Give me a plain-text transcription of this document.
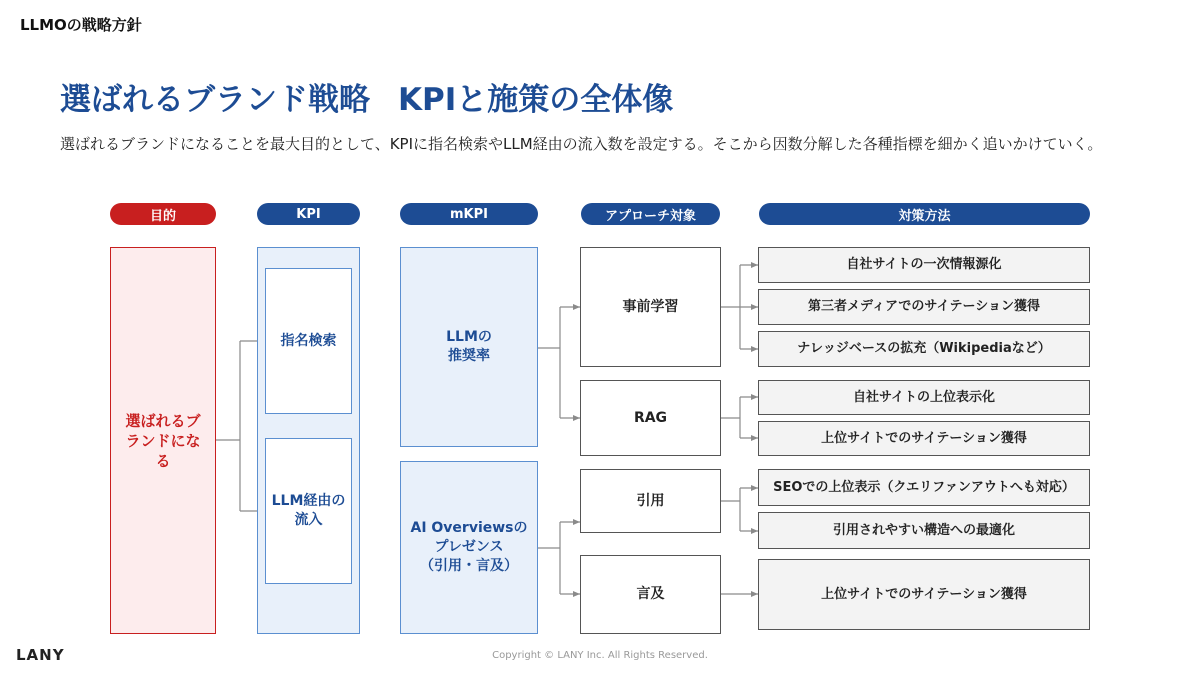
LLMOの戦略方針
選ばれるブランド戦略 KPIと施策の全体像
選ばれるブランドになることを最大目的として、KPIに指名検索やLLM経由の流入数を設定する。そこから因数分解した各種指標を細かく追いかけていく。
目的	KPI	mKPI	アプローチ対象	対策方法
選ばれるブ
ランドにな
る
指名検索
LLM経由の
流入
LLMの
推奨率
AI Overviewsの
プレゼンス
（引用・言及）
事前学習
RAG
引用
言及
自社サイトの一次情報源化
第三者メディアでのサイテーション獲得
ナレッジベースの拡充（Wikipediaなど）
自社サイトの上位表示化
上位サイトでのサイテーション獲得
SEOでの上位表示（クエリファンアウトへも対応）
引用されやすい構造への最適化
上位サイトでのサイテーション獲得
LANY	Copyright © LANY Inc. All Rights Reserved.
